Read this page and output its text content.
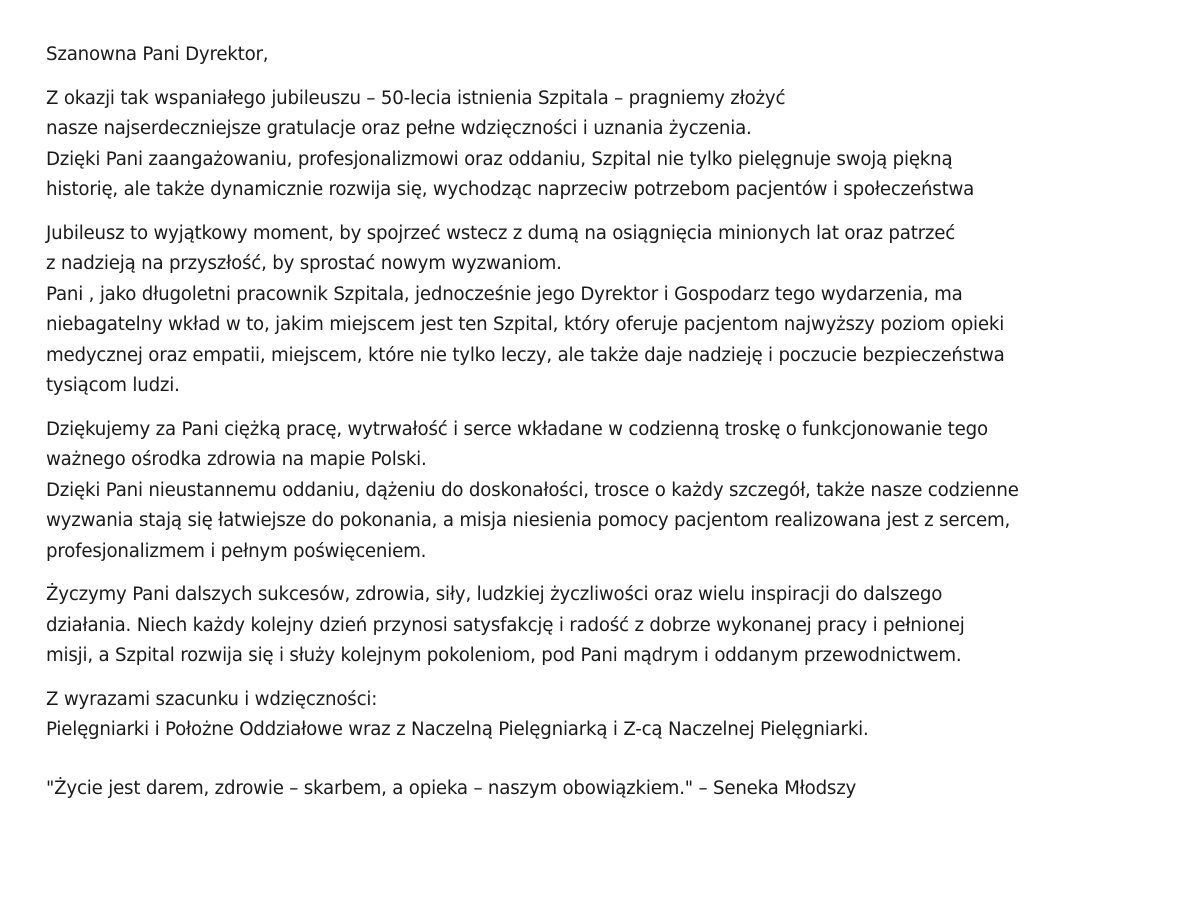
Szanowna Pani Dyrektor,
Z okazji tak wspaniałego jubileuszu – 50-lecia istnienia Szpitala – pragniemy złożyć
nasze najserdeczniejsze gratulacje oraz pełne wdzięczności i uznania życzenia.
Dzięki Pani zaangażowaniu, profesjonalizmowi oraz oddaniu, Szpital nie tylko pielęgnuje swoją piękną
historię, ale także dynamicznie rozwija się, wychodząc naprzeciw potrzebom pacjentów i społeczeństwa
Jubileusz to wyjątkowy moment, by spojrzeć wstecz z dumą na osiągnięcia minionych lat oraz patrzeć
z nadzieją na przyszłość, by sprostać nowym wyzwaniom.
Pani , jako długoletni pracownik Szpitala, jednocześnie jego Dyrektor i Gospodarz tego wydarzenia, ma
niebagatelny wkład w to, jakim miejscem jest ten Szpital, który oferuje pacjentom najwyższy poziom opieki
medycznej oraz empatii, miejscem, które nie tylko leczy, ale także daje nadzieję i poczucie bezpieczeństwa
tysiącom ludzi.
Dziękujemy za Pani ciężką pracę, wytrwałość i serce wkładane w codzienną troskę o funkcjonowanie tego
ważnego ośrodka zdrowia na mapie Polski.
Dzięki Pani nieustannemu oddaniu, dążeniu do doskonałości, trosce o każdy szczegół, także nasze codzienne
wyzwania stają się łatwiejsze do pokonania, a misja niesienia pomocy pacjentom realizowana jest z sercem,
profesjonalizmem i pełnym poświęceniem.
Życzymy Pani dalszych sukcesów, zdrowia, siły, ludzkiej życzliwości oraz wielu inspiracji do dalszego
działania. Niech każdy kolejny dzień przynosi satysfakcję i radość z dobrze wykonanej pracy i pełnionej
misji, a Szpital rozwija się i służy kolejnym pokoleniom, pod Pani mądrym i oddanym przewodnictwem.
Z wyrazami szacunku i wdzięczności:
Pielęgniarki i Położne Oddziałowe wraz z Naczelną Pielęgniarką i Z-cą Naczelnej Pielęgniarki.
"Życie jest darem, zdrowie – skarbem, a opieka – naszym obowiązkiem." – Seneka Młodszy
